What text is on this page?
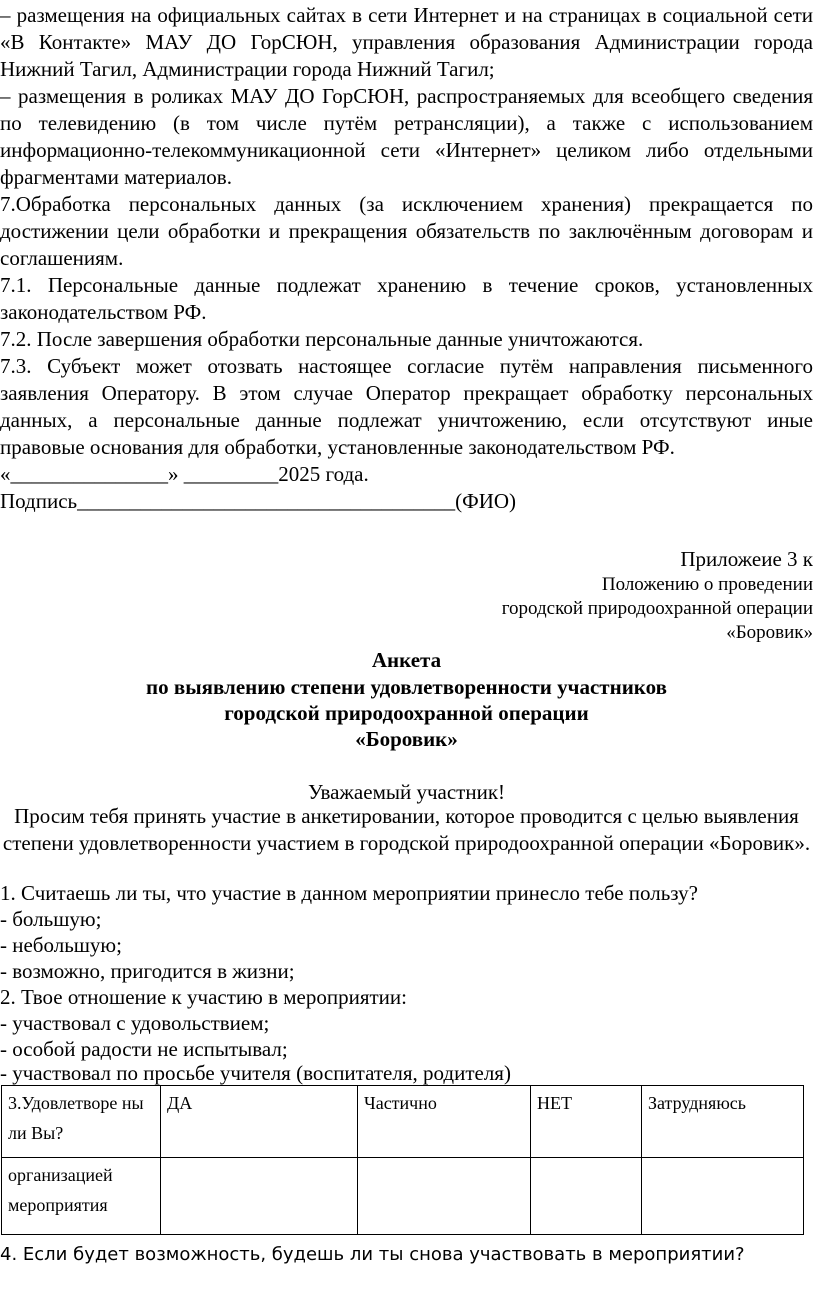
– размещения на официальных сайтах в сети Интернет и на страницах в социальной сети «В Контакте» МАУ ДО ГорСЮН, управления образования Администрации города Нижний Тагил, Администрации города Нижний Тагил;

– размещения в роликах МАУ ДО ГорСЮН, распространяемых для всеобщего сведения по телевидению (в том числе путём ретрансляции), а также с использованием информационно-телекоммуникационной сети «Интернет» целиком либо отдельными фрагментами материалов.

7.Обработка персональных данных (за исключением хранения) прекращается по достижении цели обработки и прекращения обязательств по заключённым договорам и соглашениям.

7.1. Персональные данные подлежат хранению в течение сроков, установленных законодательством РФ.

7.2. После завершения обработки персональные данные уничтожаются.

7.3. Субъект может отозвать настоящее согласие путём направления письменного заявления Оператору. В этом случае Оператор прекращает обработку персональных данных, а персональные данные подлежат уничтожению, если отсутствуют иные правовые основания для обработки, установленные законодательством РФ.

«_______________» _________2025 года.

Подпись____________________________________(ФИО)

Приложеие 3 к

Положению о проведении

городской природоохранной операции

«Боровик»

Анкета

по выявлению степени удовлетворенности участников

городской природоохранной операции

«Боровик»

Уважаемый участник!

Просим тебя принять участие в анкетировании, которое проводится с целью выявления степени удовлетворенности участием в городской природоохранной операции «Боровик».

1. Считаешь ли ты, что участие в данном мероприятии принесло тебе пользу?

- большую;

- небольшую;

- возможно, пригодится в жизни;

2. Твое отношение к участию в мероприятии:

- участвовал с удовольствием;

- особой радости не испытывал;

- участвовал по просьбе учителя (воспитателя, родителя)

3.Удовлетворе ны ли Вы?	ДА	Частично	НЕТ	Затрудняюсь
организацией мероприятия				

4. Если будет возможность, будешь ли ты снова участвовать в мероприятии?
